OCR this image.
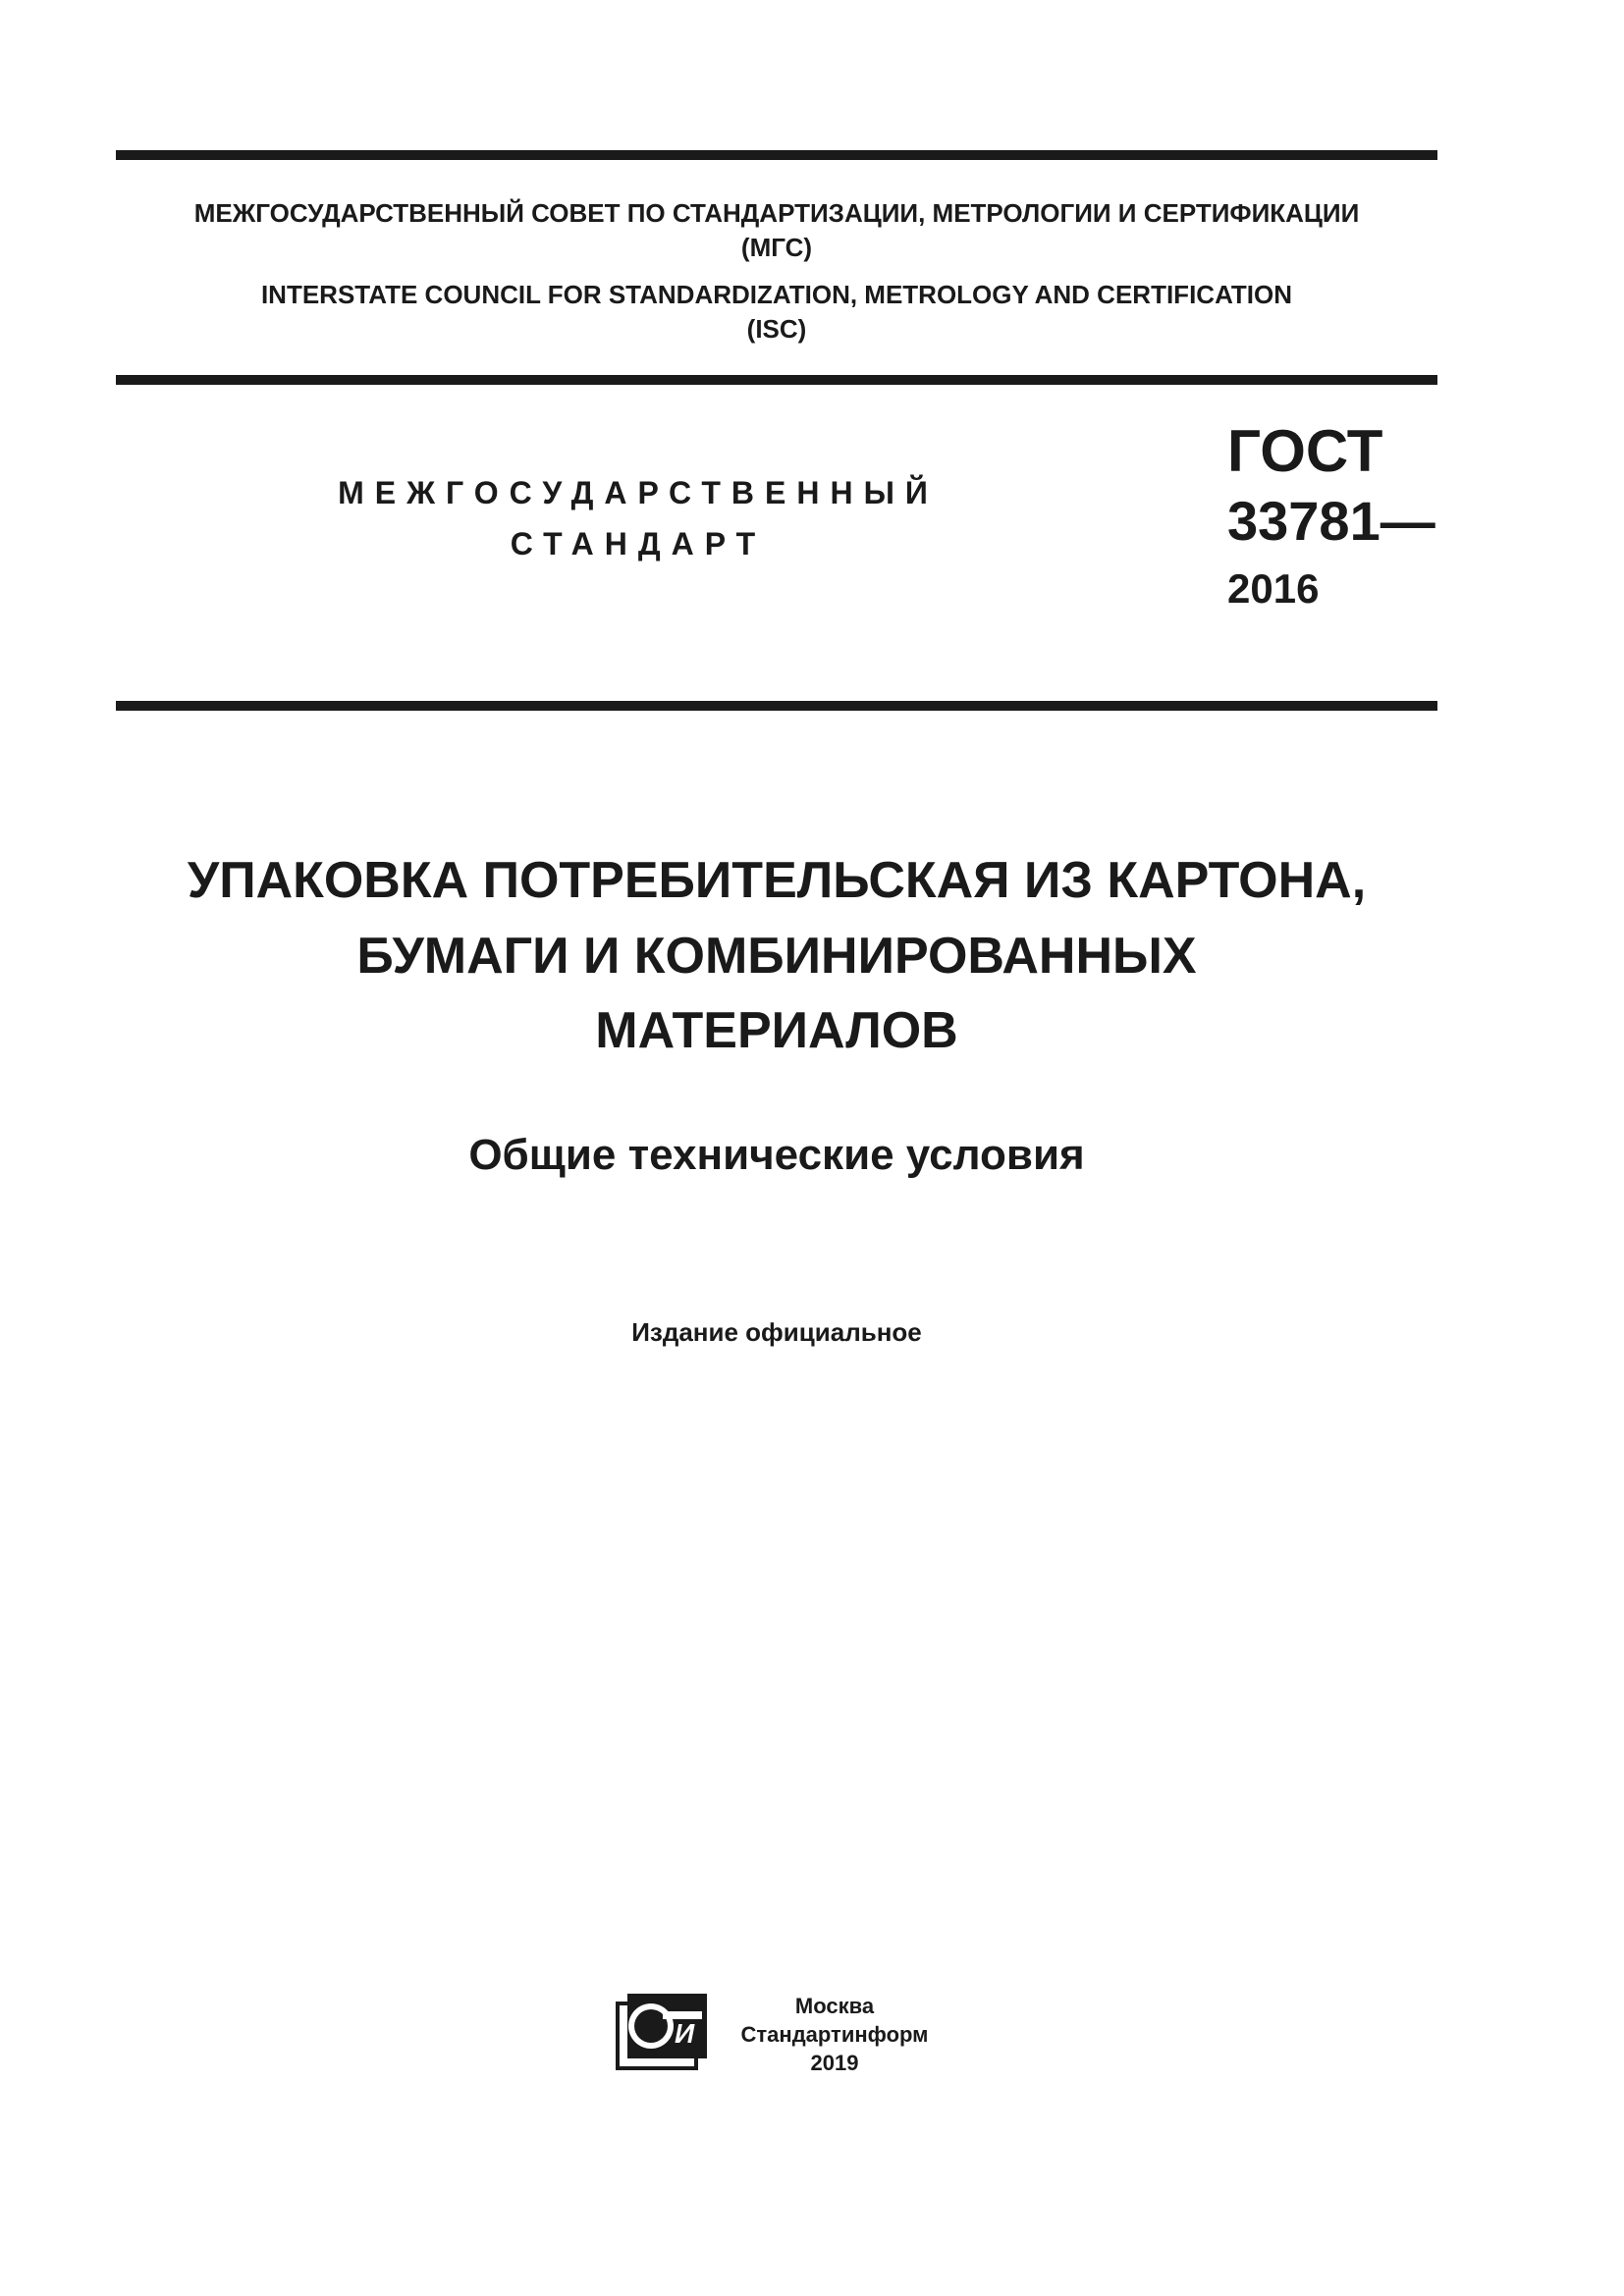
МЕЖГОСУДАРСТВЕННЫЙ СОВЕТ ПО СТАНДАРТИЗАЦИИ, МЕТРОЛОГИИ И СЕРТИФИКАЦИИ

(МГС)

INTERSTATE COUNCIL FOR STANDARDIZATION, METROLOGY AND CERTIFICATION

(ISC)

МЕЖГОСУДАРСТВЕННЫЙ
СТАНДАРТ
ГОСТ
33781—
2016
УПАКОВКА ПОТРЕБИТЕЛЬСКАЯ ИЗ КАРТОНА,
БУМАГИ И КОМБИНИРОВАННЫХ
МАТЕРИАЛОВ
Общие технические условия
Издание официальное
И
Москва
Стандартинформ
2019
